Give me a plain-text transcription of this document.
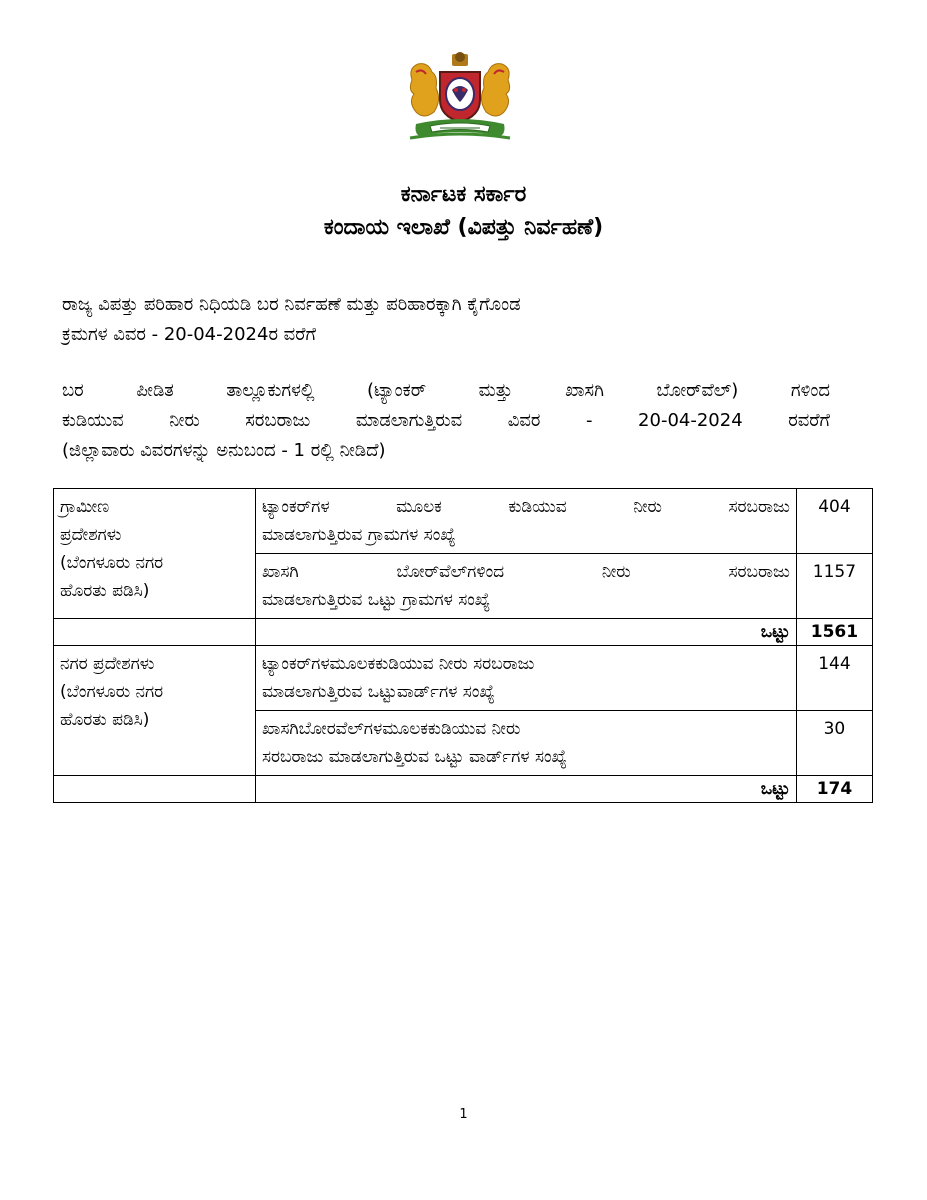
ಕರ್ನಾಟಕ ಸರ್ಕಾರ
ಕಂದಾಯ ಇಲಾಖೆ (ವಿಪತ್ತು ನಿರ್ವಹಣೆ)
ರಾಜ್ಯ ವಿಪತ್ತು ಪರಿಹಾರ ನಿಧಿಯಡಿ ಬರ ನಿರ್ವಹಣೆ ಮತ್ತು ಪರಿಹಾರಕ್ಕಾಗಿ ಕೈಗೊಂಡ
ಕ್ರಮಗಳ ವಿವರ - 20-04-2024ರ ವರೆಗೆ
ಬರ ಪೀಡಿತ ತಾಲ್ಲೂಕುಗಳಲ್ಲಿ (ಟ್ಯಾಂಕರ್ ಮತ್ತು ಖಾಸಗಿ ಬೋರ್‌ವೆಲ್) ಗಳಿಂದ
ಕುಡಿಯುವ ನೀರು ಸರಬರಾಜು ಮಾಡಲಾಗುತ್ತಿರುವ ವಿವರ - 20-04-2024 ರವರೆಗೆ
(ಜಿಲ್ಲಾವಾರು ವಿವರಗಳನ್ನು ಅನುಬಂದ - 1 ರಲ್ಲಿ ನೀಡಿದೆ)
ಗ್ರಾಮೀಣ
ಪ್ರದೇಶಗಳು
(ಬೆಂಗಳೂರು ನಗರ
ಹೊರತು ಪಡಿಸಿ)	ಟ್ಯಾಂಕರ್‌ಗಳ ಮೂಲಕ ಕುಡಿಯುವ ನೀರು ಸರಬರಾಜು
ಮಾಡಲಾಗುತ್ತಿರುವ ಗ್ರಾಮಗಳ ಸಂಖ್ಯೆ	404

	ಖಾಸಗಿ ಬೋರ್‌ವೆಲ್‌ಗಳಿಂದ ನೀರು ಸರಬರಾಜು
ಮಾಡಲಾಗುತ್ತಿರುವ ಒಟ್ಟು ಗ್ರಾಮಗಳ ಸಂಖ್ಯೆ	1157
	ಒಟ್ಟು	1561

ನಗರ ಪ್ರದೇಶಗಳು
(ಬೆಂಗಳೂರು ನಗರ
ಹೊರತು ಪಡಿಸಿ)	ಟ್ಯಾಂಕರ್‌ಗಳಮೂಲಕಕುಡಿಯುವ ನೀರು ಸರಬರಾಜು
ಮಾಡಲಾಗುತ್ತಿರುವ ಒಟ್ಟುವಾರ್ಡ್‌ಗಳ ಸಂಖ್ಯೆ	144

	ಖಾಸಗಿಬೋರವೆಲ್‌ಗಳಮೂಲಕಕುಡಿಯುವ ನೀರು
ಸರಬರಾಜು ಮಾಡಲಾಗುತ್ತಿರುವ ಒಟ್ಟು ವಾರ್ಡ್‌ಗಳ ಸಂಖ್ಯೆ	30
	ಒಟ್ಟು	174
1
